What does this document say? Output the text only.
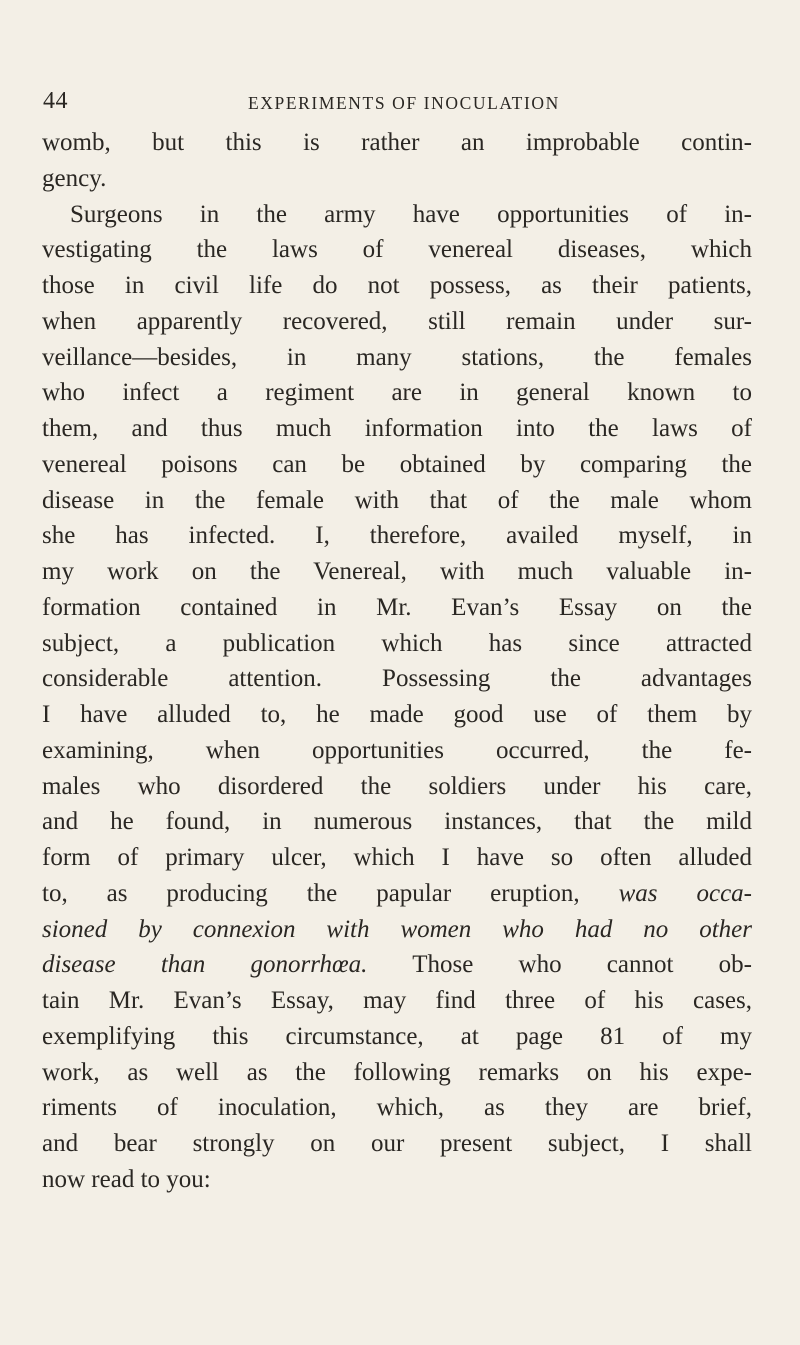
44	EXPERIMENTS OF INOCULATION
womb, but this is rather an improbable contin-
gency.
Surgeons in the army have opportunities of in-
vestigating the laws of venereal diseases, which
those in civil life do not possess, as their patients,
when apparently recovered, still remain under sur-
veillance—besides, in many stations, the females
who infect a regiment are in general known to
them, and thus much information into the laws of
venereal poisons can be obtained by comparing the
disease in the female with that of the male whom
she has infected. I, therefore, availed myself, in
my work on the Venereal, with much valuable in-
formation contained in Mr. Evan’s Essay on the
subject, a publication which has since attracted
considerable attention. Possessing the advantages
I have alluded to, he made good use of them by
examining, when opportunities occurred, the fe-
males who disordered the soldiers under his care,
and he found, in numerous instances, that the mild
form of primary ulcer, which I have so often alluded
to, as producing the papular eruption, was occa-
sioned by connexion with women who had no other
disease than gonorrhœa. Those who cannot ob-
tain Mr. Evan’s Essay, may find three of his cases,
exemplifying this circumstance, at page 81 of my
work, as well as the following remarks on his expe-
riments of inoculation, which, as they are brief,
and bear strongly on our present subject, I shall
now read to you:
